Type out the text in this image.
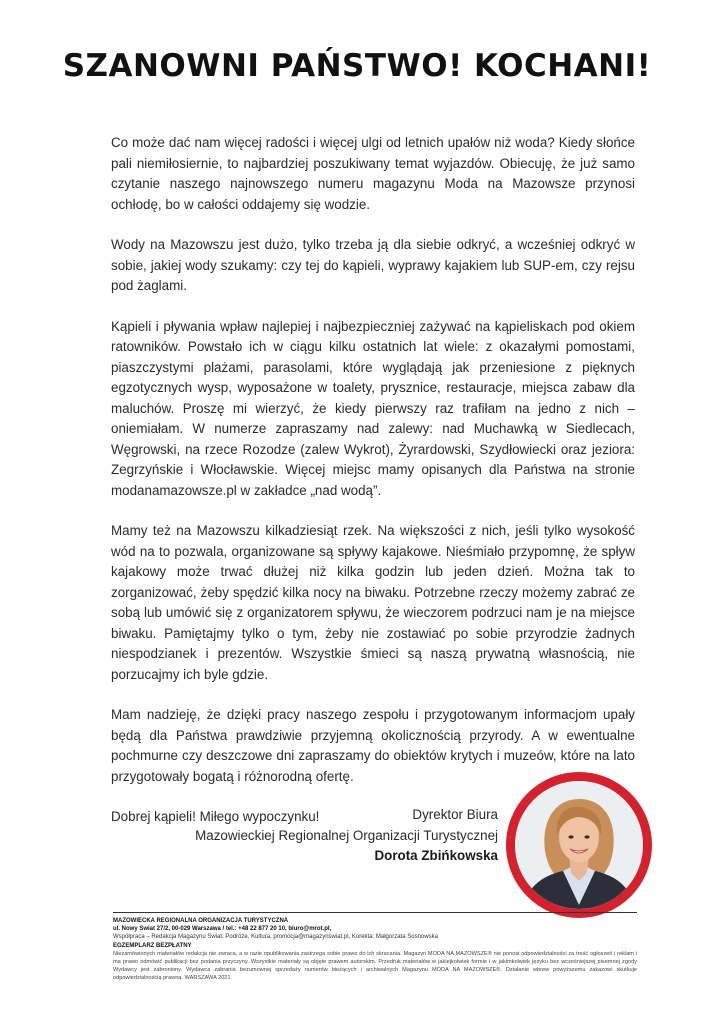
SZANOWNI PAŃSTWO! KOCHANI!

Co może dać nam więcej radości i więcej ulgi od letnich upałów niż woda? Kiedy słońce pali niemiłosiernie, to najbardziej poszukiwany temat wyjazdów. Obiecuję, że już samo czytanie naszego najnowszego numeru magazynu Moda na Mazowsze przynosi ochłodę, bo w całości oddajemy się wodzie.

Wody na Mazowszu jest dużo, tylko trzeba ją dla siebie odkryć, a wcześniej odkryć w sobie, jakiej wody szukamy: czy tej do kąpieli, wyprawy kajakiem lub SUP-em, czy rejsu pod żaglami.

Kąpieli i pływania wpław najlepiej i najbezpieczniej zażywać na kąpieliskach pod okiem ratowników. Powstało ich w ciągu kilku ostatnich lat wiele: z okazałymi pomostami, piaszczystymi plażami, parasolami, które wyglądają jak przeniesione z pięknych egzotycznych wysp, wyposażone w toalety, prysznice, restauracje, miejsca zabaw dla maluchów. Proszę mi wierzyć, że kiedy pierwszy raz trafiłam na jedno z nich – oniemiałam. W numerze zapraszamy nad zalewy: nad Muchawką w Siedlecach, Węgrowski, na rzece Rozodze (zalew Wykrot), Żyrardowski, Szydłowiecki oraz jeziora: Zegrzyńskie i Włocławskie. Więcej miejsc mamy opisanych dla Państwa na stronie modanamazowsze.pl w zakładce „nad wodą”.

Mamy też na Mazowszu kilkadziesiąt rzek. Na większości z nich, jeśli tylko wysokość wód na to pozwala, organizowane są spływy kajakowe. Nieśmiało przypomnę, że spływ kajakowy może trwać dłużej niż kilka godzin lub jeden dzień. Można tak to zorganizować, żeby spędzić kilka nocy na biwaku. Potrzebne rzeczy możemy zabrać ze sobą lub umówić się z organizatorem spływu, że wieczorem podrzuci nam je na miejsce biwaku. Pamiętajmy tylko o tym, żeby nie zostawiać po sobie przyrodzie żadnych niespodzianek i prezentów. Wszystkie śmieci są naszą prywatną własnością, nie porzucajmy ich byle gdzie.

Mam nadzieję, że dzięki pracy naszego zespołu i przygotowanym informacjom upały będą dla Państwa prawdziwie przyjemną okolicznością przyrody. A w ewentualne pochmurne czy deszczowe dni zapraszamy do obiektów krytych i muzeów, które na lato przygotowały bogatą i różnorodną ofertę.

Dobrej kąpieli! Miłego wypoczynku!	Dyrektor Biura
Mazowieckiej Regionalnej Organizacji Turystycznej
Dorota Zbińkowska
MAZOWIECKA REGIONALNA ORGANIZACJA TURYSTYCZNA
ul. Nowy Świat 27/2, 00-029 Warszawa / tel.: +48 22 877 20 10, biuro@mrot.pl,
Współpraca – Redakcja Magazynu Świat, Podróże, Kultura, promocja@magazynswiat.pl, Korekta: Małgorzata Sosnowska
EGZEMPLARZ BEZPŁATNY
Niezamówionych materiałów redakcja nie zwraca, a w razie opublikowania zastrzega sobie prawo do ich skracania. Magazyn MODA NA MAZOWSZE® nie ponosi odpowiedzialności za treść ogłoszeń i reklam i ma prawo odmówić publikacji bez podania przyczyny. Wszystkie materiały są objęte prawem autorskim. Przedruk materiałów w jakiejkolwiek formie i w jakimkolwiek języku bez wcześniejszej pisemnej zgody Wydawcy jest zabroniony. Wydawca zabrania bezumownej sprzedaży numerów bieżących i archiwalnych Magazynu MODA NA MAZOWSZE®. Działanie wbrew powyższemu zakazowi skutkuje odpowiedzialnością prawną. WARSZAWA 2021
